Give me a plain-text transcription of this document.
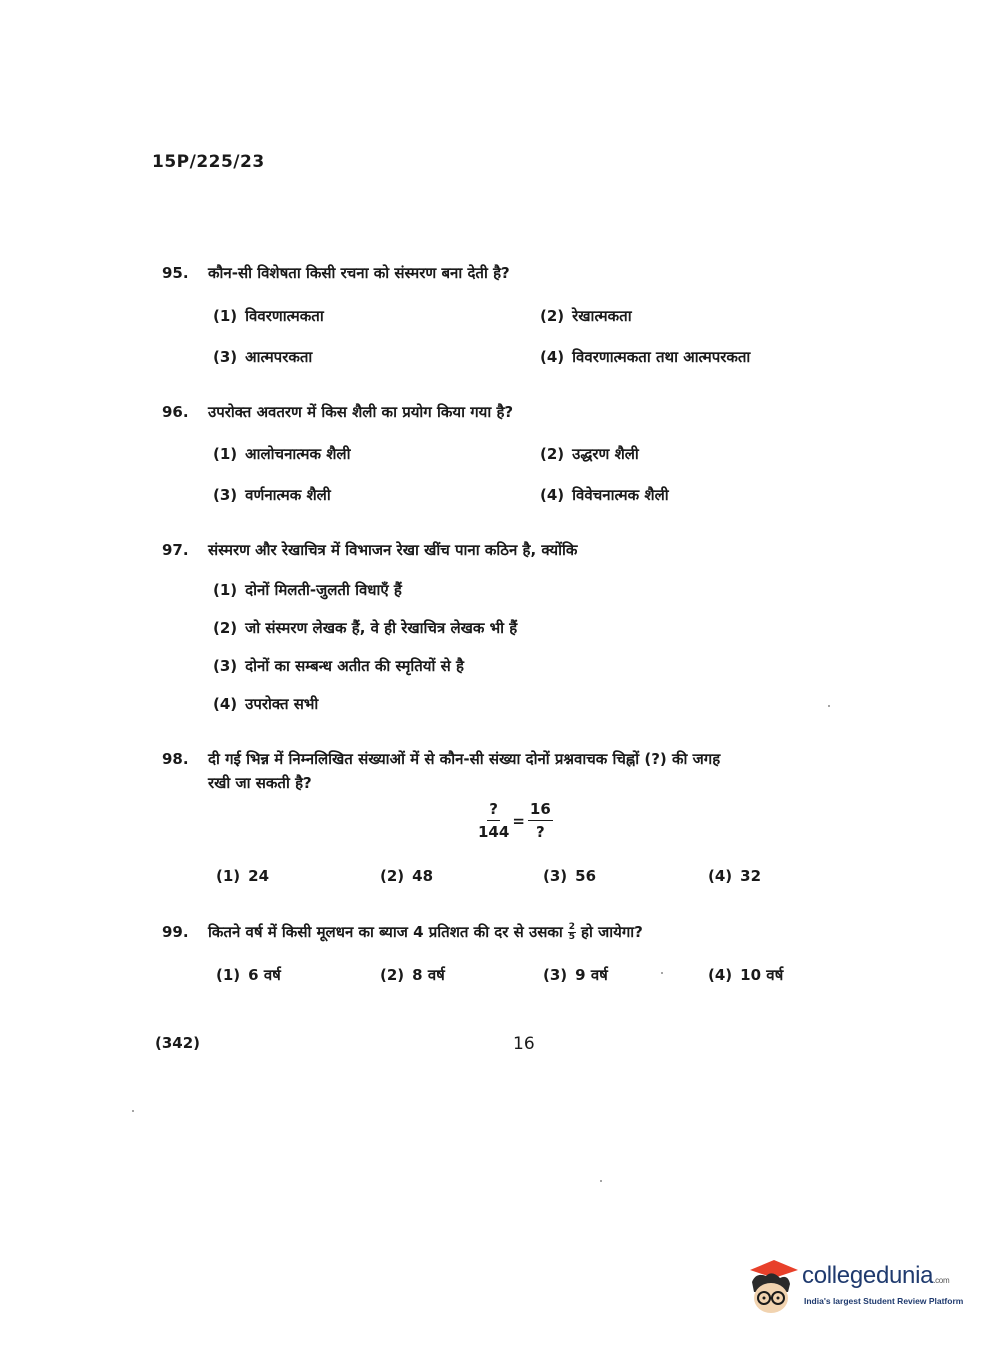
15P/225/23
95. कौन-सी विशेषता किसी रचना को संस्मरण बना देती है?
(1) विवरणात्मकता	(2) रेखात्मकता
(3) आत्मपरकता	(4) विवरणात्मकता तथा आत्मपरकता
96. उपरोक्त अवतरण में किस शैली का प्रयोग किया गया है?
(1) आलोचनात्मक शैली	(2) उद्धरण शैली
(3) वर्णनात्मक शैली	(4) विवेचनात्मक शैली
97. संस्मरण और रेखाचित्र में विभाजन रेखा खींच पाना कठिन है, क्योंकि
(1) दोनों मिलती-जुलती विधाएँ हैं
(2) जो संस्मरण लेखक हैं, वे ही रेखाचित्र लेखक भी हैं
(3) दोनों का सम्बन्ध अतीत की स्मृतियों से है
(4) उपरोक्त सभी
98. दी गई भिन्न में निम्नलिखित संख्याओं में से कौन-सी संख्या दोनों प्रश्नवाचक चिह्नों (?) की जगह
रखी जा सकती है?
$\frac{?}{144} = \frac{16}{?}$
(1) 24	(2) 48	(3) 56	(4) 32
99.	कितने वर्ष में किसी मूलधन का ब्याज 4 प्रतिशत की दर से उसका 2
5 हो जायेगा?
(1) 6 वर्ष	(2) 8 वर्ष	(3) 9 वर्ष	(4) 10 वर्ष
(342)	16
collegedunia.com
India's largest Student Review Platform
